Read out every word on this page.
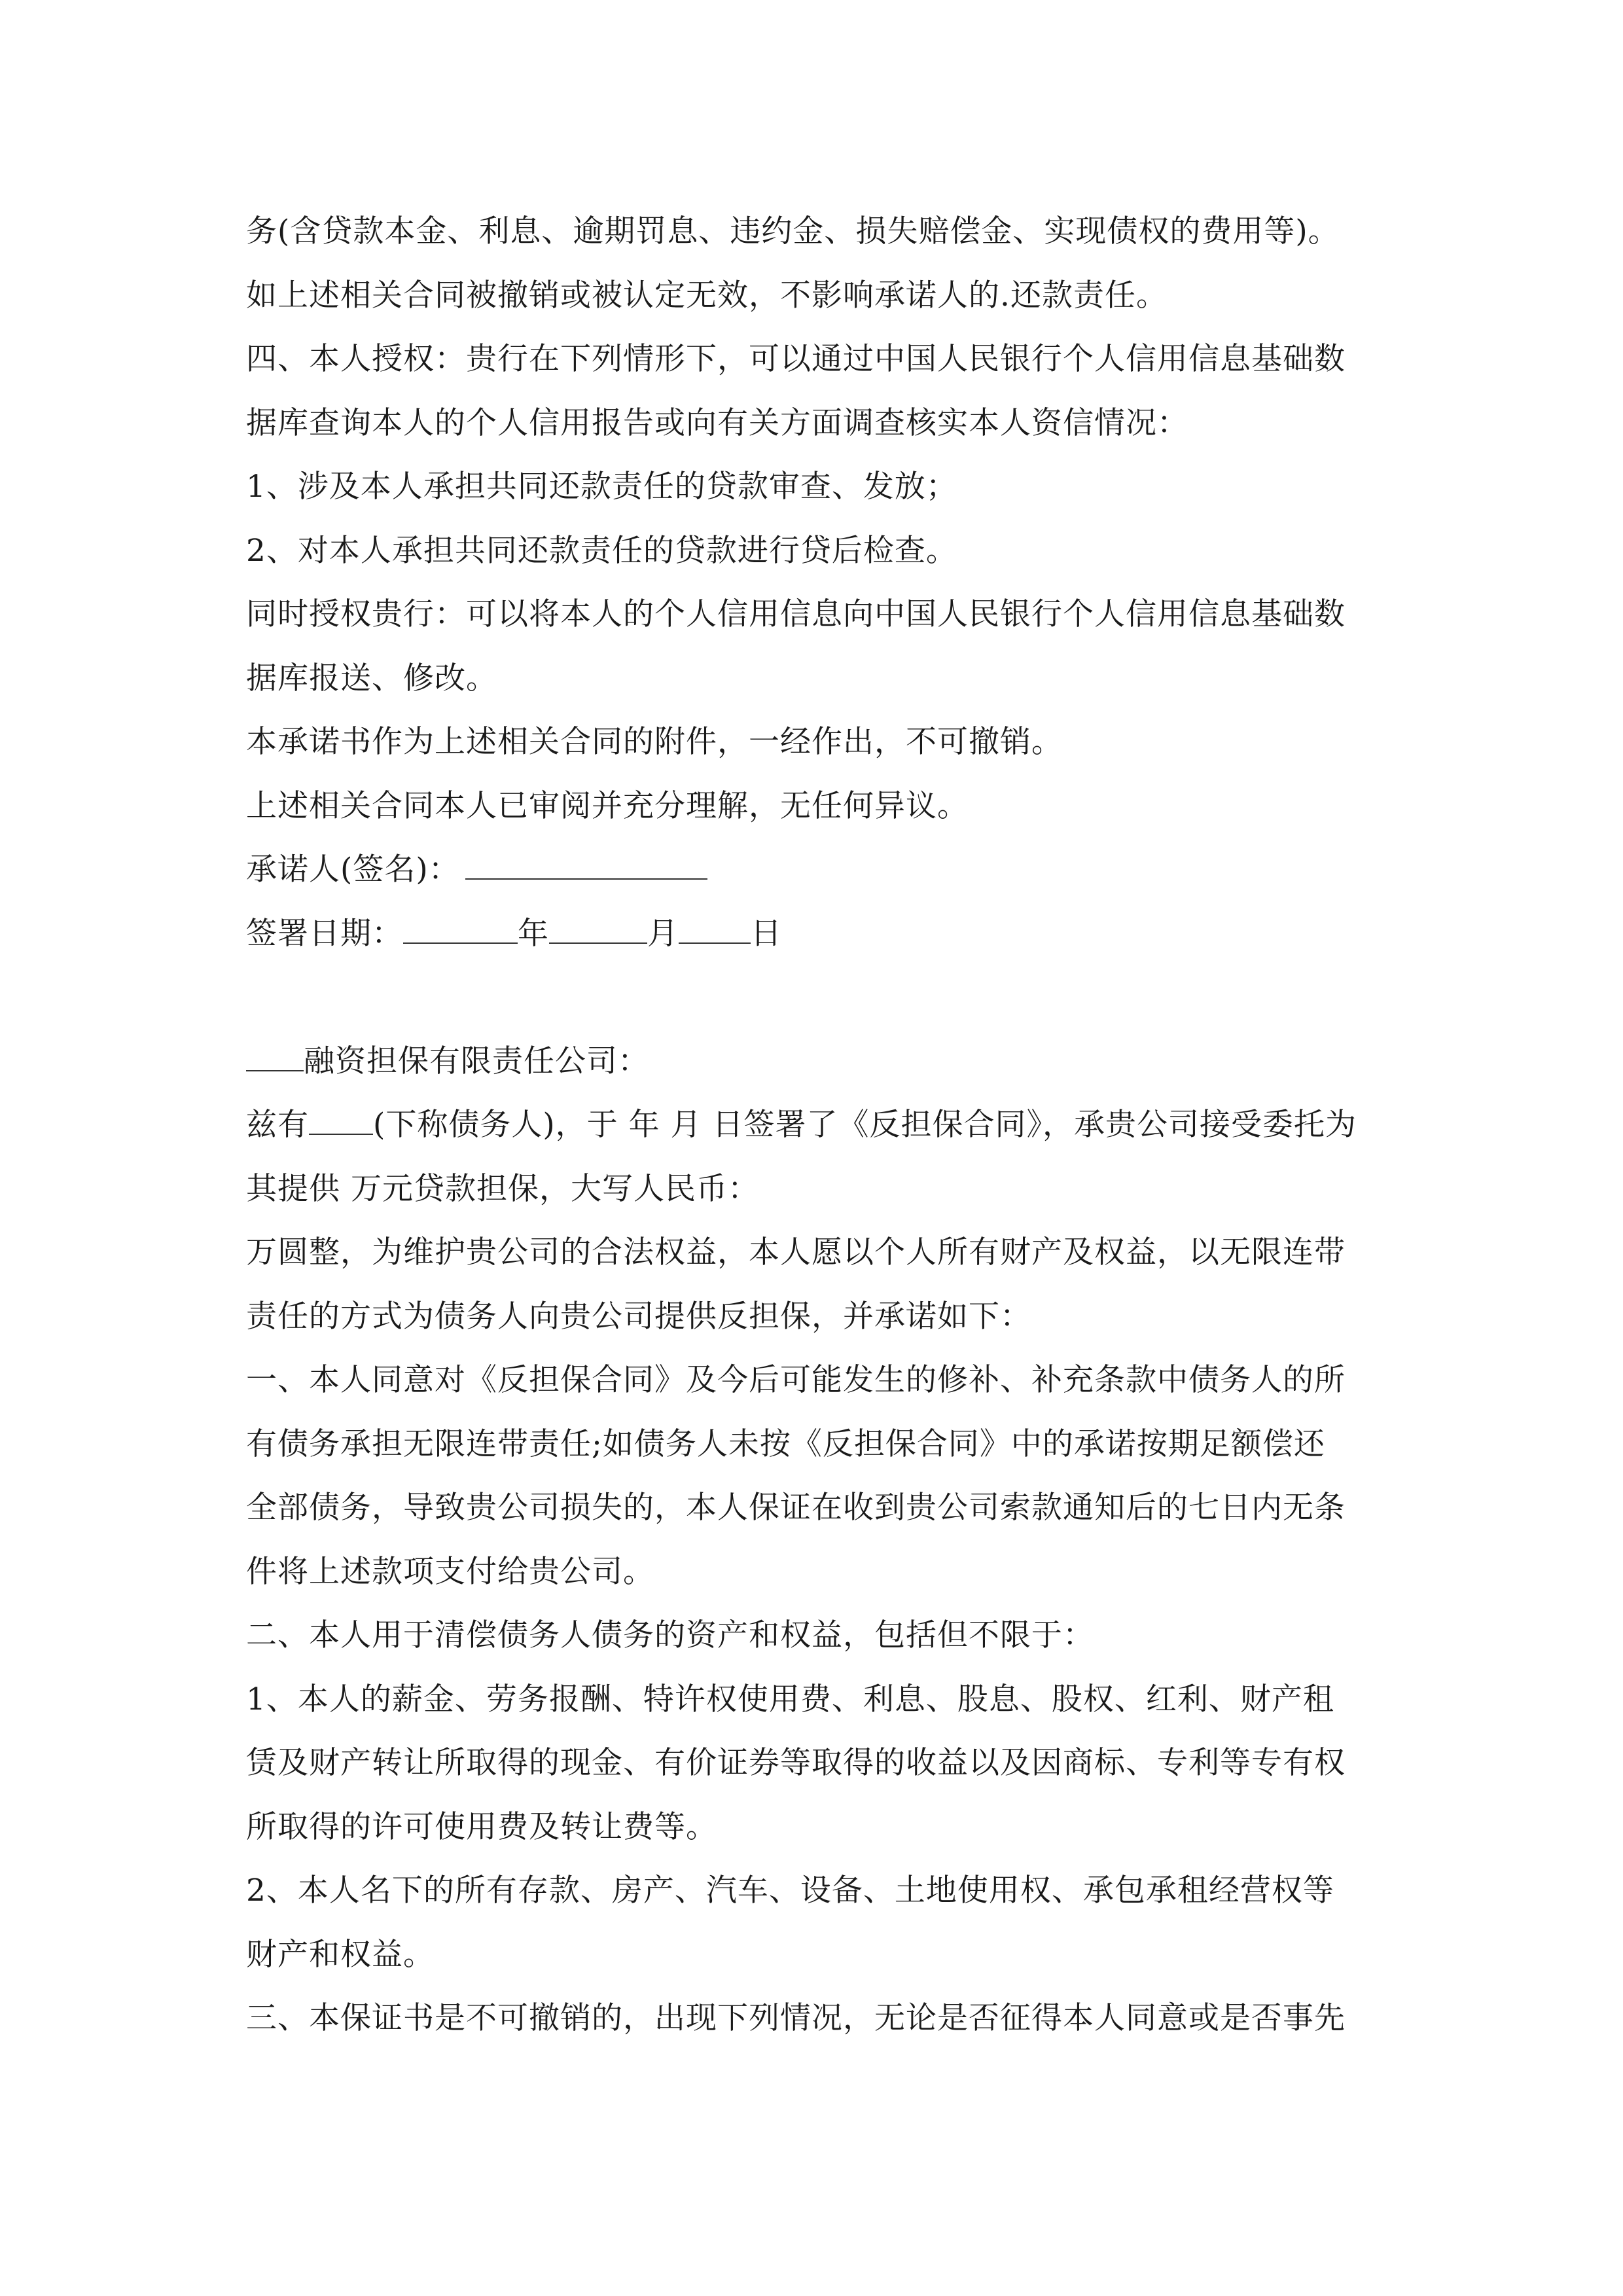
务(含贷款本金、利息、逾期罚息、违约金、损失赔偿金、实现债权的费用等)。
如上述相关合同被撤销或被认定无效，不影响承诺人的.还款责任。
四、本人授权：贵行在下列情形下，可以通过中国人民银行个人信用信息基础数
据库查询本人的个人信用报告或向有关方面调查核实本人资信情况：
1、涉及本人承担共同还款责任的贷款审查、发放；
2、对本人承担共同还款责任的贷款进行贷后检查。
同时授权贵行：可以将本人的个人信用信息向中国人民银行个人信用信息基础数
据库报送、修改。
本承诺书作为上述相关合同的附件，一经作出，不可撤销。
上述相关合同本人已审阅并充分理解，无任何异议。
承诺人(签名)：
签署日期：	年	月 日
融资担保有限责任公司：
兹有 (下称债务人)，于 年 月 日签署了《反担保合同》，承贵公司接受委托为
其提供 万元贷款担保，大写人民币：
万圆整，为维护贵公司的合法权益，本人愿以个人所有财产及权益，以无限连带
责任的方式为债务人向贵公司提供反担保，并承诺如下：
一、本人同意对《反担保合同》及今后可能发生的修补、补充条款中债务人的所
有债务承担无限连带责任;如债务人未按《反担保合同》中的承诺按期足额偿还
全部债务，导致贵公司损失的，本人保证在收到贵公司索款通知后的七日内无条
件将上述款项支付给贵公司。
二、本人用于清偿债务人债务的资产和权益，包括但不限于：
1、本人的薪金、劳务报酬、特许权使用费、利息、股息、股权、红利、财产租
赁及财产转让所取得的现金、有价证券等取得的收益以及因商标、专利等专有权
所取得的许可使用费及转让费等。
2、本人名下的所有存款、房产、汽车、设备、土地使用权、承包承租经营权等
财产和权益。
三、本保证书是不可撤销的，出现下列情况，无论是否征得本人同意或是否事先
